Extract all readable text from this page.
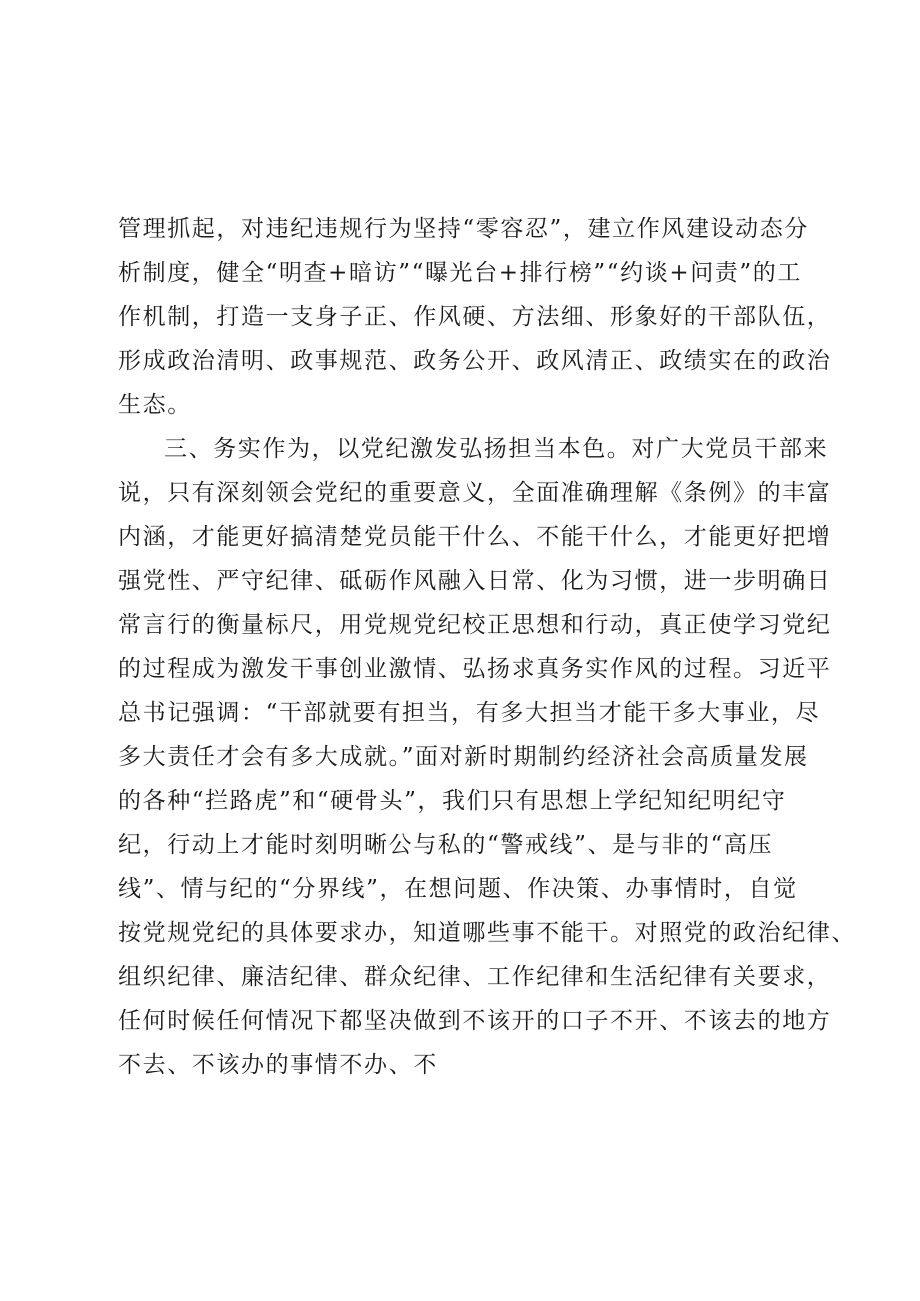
管理抓起，对违纪违规行为坚持“零容忍”，建立作风建设动态分
析制度，健全“明查+暗访”“曝光台+排行榜”“约谈+问责”的工
作机制，打造一支身子正、作风硬、方法细、形象好的干部队伍，
形成政治清明、政事规范、政务公开、政风清正、政绩实在的政治
生态。
三、务实作为，以党纪激发弘扬担当本色。对广大党员干部来
说，只有深刻领会党纪的重要意义，全面准确理解《条例》的丰富
内涵，才能更好搞清楚党员能干什么、不能干什么，才能更好把增
强党性、严守纪律、砥砺作风融入日常、化为习惯，进一步明确日
常言行的衡量标尺，用党规党纪校正思想和行动，真正使学习党纪
的过程成为激发干事创业激情、弘扬求真务实作风的过程。习近平
总书记强调：“干部就要有担当，有多大担当才能干多大事业，尽
多大责任才会有多大成就。”面对新时期制约经济社会高质量发展
的各种“拦路虎”和“硬骨头”，我们只有思想上学纪知纪明纪守
纪，行动上才能时刻明晰公与私的“警戒线”、是与非的“高压
线”、情与纪的“分界线”，在想问题、作决策、办事情时，自觉
按党规党纪的具体要求办，知道哪些事不能干。对照党的政治纪律、
组织纪律、廉洁纪律、群众纪律、工作纪律和生活纪律有关要求，
任何时候任何情况下都坚决做到不该开的口子不开、不该去的地方
不去、不该办的事情不办、不
